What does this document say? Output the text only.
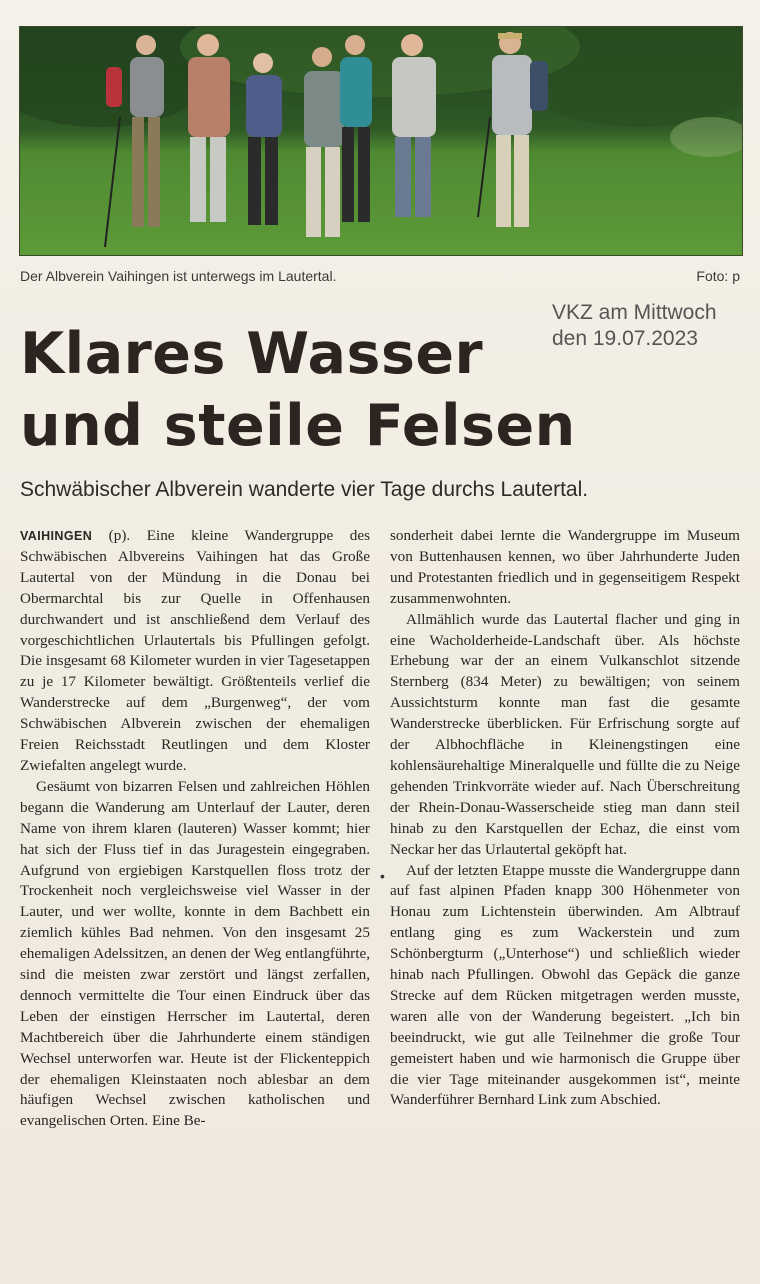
Der Albverein Vaihingen ist unterwegs im Lautertal.	Foto: p
VKZ am Mittwoch
den 19.07.2023
Klares Wasser
und steile Felsen
Schwäbischer Albverein wanderte vier Tage durchs Lautertal.

VAIHINGEN (p). Eine kleine Wandergruppe des Schwäbischen Albvereins Vaihingen hat das Große Lautertal von der Mündung in die Donau bei Obermarchtal bis zur Quelle in Offenhausen durchwandert und ist anschließend dem Verlauf des vorgeschichtlichen Urlautertals bis Pfullingen gefolgt. Die insgesamt 68 Kilometer wurden in vier Tagesetappen zu je 17 Kilometer bewältigt. Größtenteils verlief die Wanderstrecke auf dem „Burgenweg“, der vom Schwäbischen Albverein zwischen der ehemaligen Freien Reichsstadt Reutlingen und dem Kloster Zwiefalten angelegt wurde.

Gesäumt von bizarren Felsen und zahlreichen Höhlen begann die Wanderung am Unterlauf der Lauter, deren Name von ihrem klaren (lauteren) Wasser kommt; hier hat sich der Fluss tief in das Juragestein eingegraben. Aufgrund von ergiebigen Karstquellen floss trotz der Trockenheit noch vergleichsweise viel Wasser in der Lauter, und wer wollte, konnte in dem Bachbett ein ziemlich kühles Bad nehmen. Von den insgesamt 25 ehemaligen Adelssitzen, an denen der Weg entlangführte, sind die meisten zwar zerstört und längst zerfallen, dennoch vermittelte die Tour einen Eindruck über das Leben der einstigen Herrscher im Lautertal, deren Machtbereich über die Jahrhunderte einem ständigen Wechsel unterworfen war. Heute ist der Flickenteppich der ehemaligen Kleinstaaten noch ablesbar an dem häufigen Wechsel zwischen katholischen und evangelischen Orten. Eine Be-

•

sonderheit dabei lernte die Wandergruppe im Museum von Buttenhausen kennen, wo über Jahrhunderte Juden und Protestanten friedlich und in gegenseitigem Respekt zusammenwohnten.

Allmählich wurde das Lautertal flacher und ging in eine Wacholderheide-Landschaft über. Als höchste Erhebung war der an einem Vulkanschlot sitzende Sternberg (834 Meter) zu bewältigen; von seinem Aussichtsturm konnte man fast die gesamte Wanderstrecke überblicken. Für Erfrischung sorgte auf der Albhochfläche in Kleinengstingen eine kohlensäurehaltige Mineralquelle und füllte die zu Neige gehenden Trinkvorräte wieder auf. Nach Überschreitung der Rhein-Donau-Wasserscheide stieg man dann steil hinab zu den Karstquellen der Echaz, die einst vom Neckar her das Urlautertal geköpft hat.

Auf der letzten Etappe musste die Wandergruppe dann auf fast alpinen Pfaden knapp 300 Höhenmeter von Honau zum Lichtenstein überwinden. Am Albtrauf entlang ging es zum Wackerstein und zum Schönbergturm („Unterhose“) und schließlich wieder hinab nach Pfullingen. Obwohl das Gepäck die ganze Strecke auf dem Rücken mitgetragen werden musste, waren alle von der Wanderung begeistert. „Ich bin beeindruckt, wie gut alle Teilnehmer die große Tour gemeistert haben und wie harmonisch die Gruppe über die vier Tage miteinander ausgekommen ist“, meinte Wanderführer Bernhard Link zum Abschied.
